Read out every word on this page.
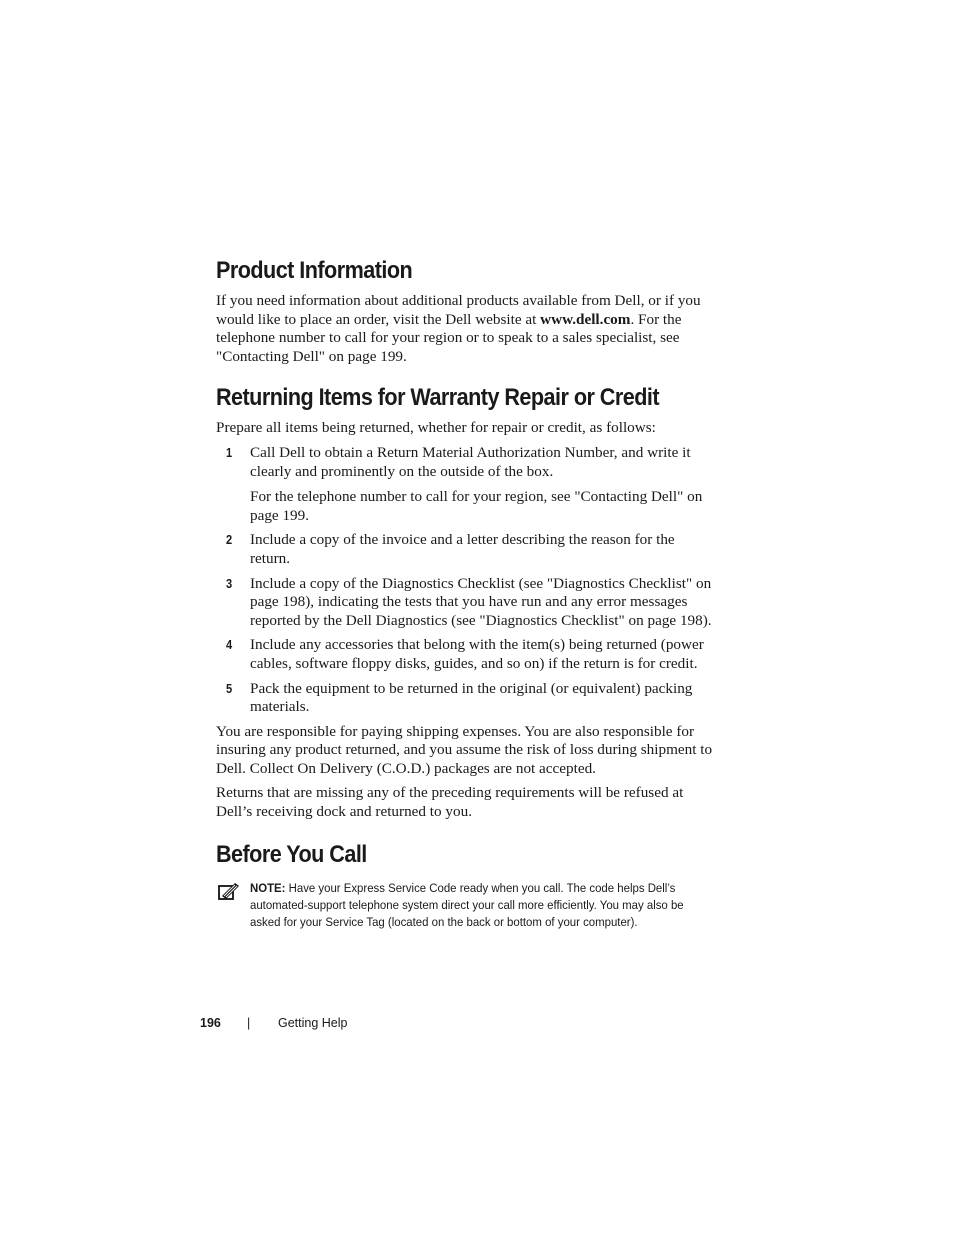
Product Information

If you need information about additional products available from Dell, or if you would like to place an order, visit the Dell website at www.dell.com. For the telephone number to call for your region or to speak to a sales specialist, see "Contacting Dell" on page 199.

Returning Items for Warranty Repair or Credit

Prepare all items being returned, whether for repair or credit, as follows:

1 Call Dell to obtain a Return Material Authorization Number, and write it clearly and prominently on the outside of the box.

For the telephone number to call for your region, see "Contacting Dell" on page 199.

2 Include a copy of the invoice and a letter describing the reason for the return.

3 Include a copy of the Diagnostics Checklist (see "Diagnostics Checklist" on page 198), indicating the tests that you have run and any error messages reported by the Dell Diagnostics (see "Diagnostics Checklist" on page 198).

4 Include any accessories that belong with the item(s) being returned (power cables, software floppy disks, guides, and so on) if the return is for credit.

5 Pack the equipment to be returned in the original (or equivalent) packing materials.

You are responsible for paying shipping expenses. You are also responsible for insuring any product returned, and you assume the risk of loss during shipment to Dell. Collect On Delivery (C.O.D.) packages are not accepted.

Returns that are missing any of the preceding requirements will be refused at Dell’s receiving dock and returned to you.

Before You Call
NOTE: Have your Express Service Code ready when you call. The code helps Dell’s automated-support telephone system direct your call more efficiently. You may also be asked for your Service Tag (located on the back or bottom of your computer).
196 | Getting Help
